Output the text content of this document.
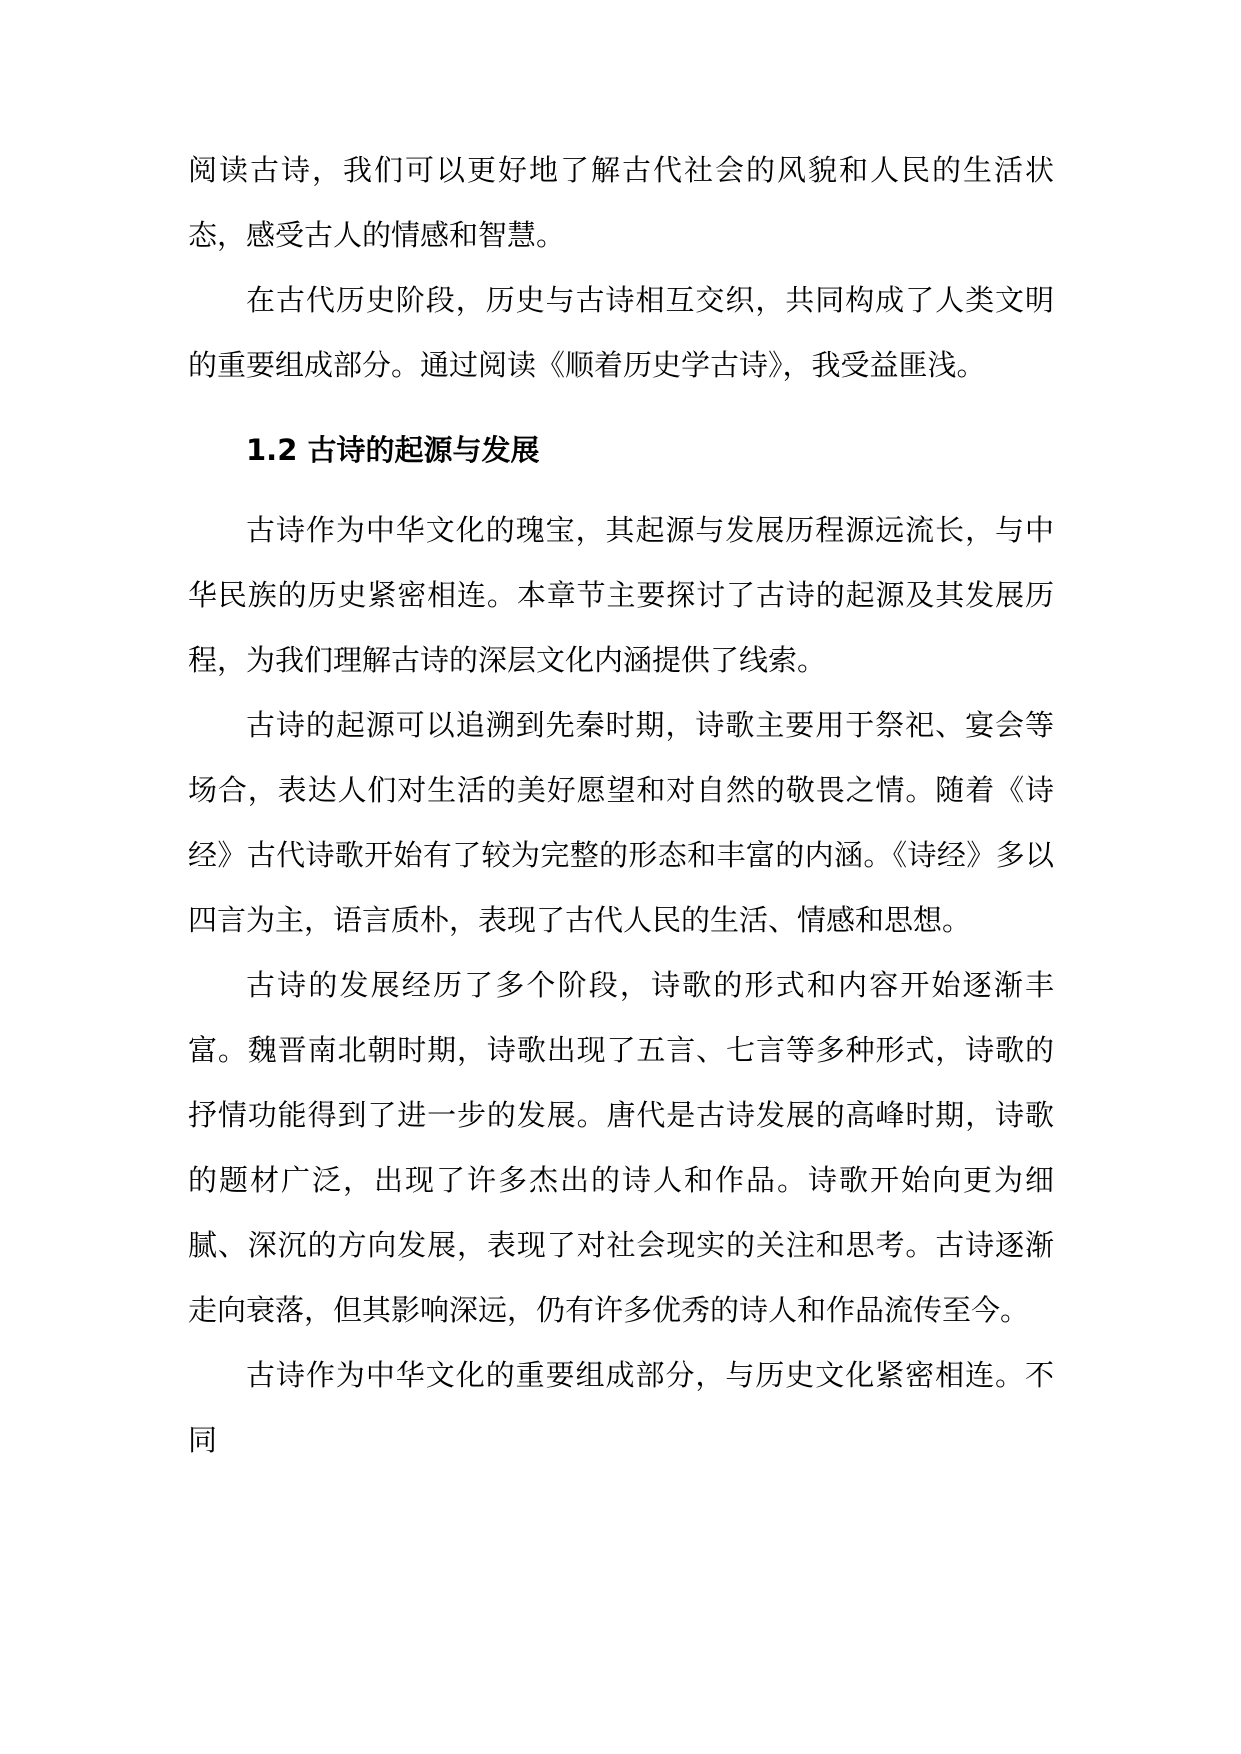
阅读古诗，我们可以更好地了解古代社会的风貌和人民的生活状态，感受古人的情感和智慧。

在古代历史阶段，历史与古诗相互交织，共同构成了人类文明的重要组成部分。通过阅读《顺着历史学古诗》，我受益匪浅。

1.2 古诗的起源与发展

古诗作为中华文化的瑰宝，其起源与发展历程源远流长，与中华民族的历史紧密相连。本章节主要探讨了古诗的起源及其发展历程，为我们理解古诗的深层文化内涵提供了线索。

古诗的起源可以追溯到先秦时期，诗歌主要用于祭祀、宴会等场合，表达人们对生活的美好愿望和对自然的敬畏之情。随着《诗经》古代诗歌开始有了较为完整的形态和丰富的内涵。《诗经》多以四言为主，语言质朴，表现了古代人民的生活、情感和思想。

古诗的发展经历了多个阶段，诗歌的形式和内容开始逐渐丰富。魏晋南北朝时期，诗歌出现了五言、七言等多种形式，诗歌的抒情功能得到了进一步的发展。唐代是古诗发展的高峰时期，诗歌的题材广泛，出现了许多杰出的诗人和作品。诗歌开始向更为细腻、深沉的方向发展，表现了对社会现实的关注和思考。古诗逐渐走向衰落，但其影响深远，仍有许多优秀的诗人和作品流传至今。

古诗作为中华文化的重要组成部分，与历史文化紧密相连。不同
